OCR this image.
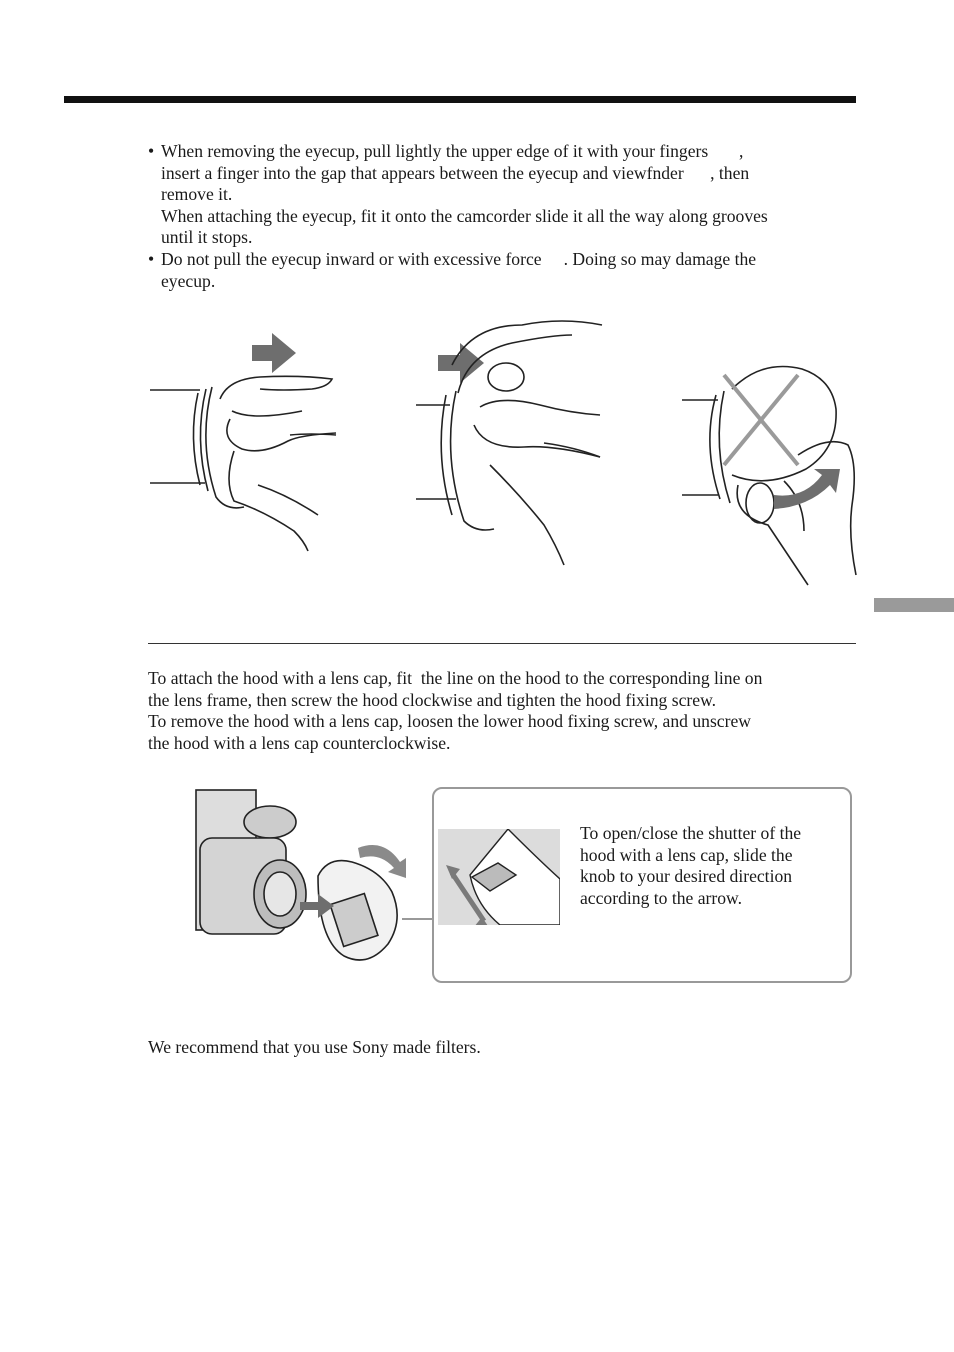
• When removing the eyecup, pull lightly the upper edge of it with your fingers       ,

insert a finger into the gap that appears between the eyecup and viewfnder      , then

remove it.

When attaching the eyecup, fit it onto the camcorder slide it all the way along grooves

until it stops.

• Do not pull the eyecup inward or with excessive force     . Doing so may damage the

eyecup.

To attach the hood with a lens cap, fit  the line on the hood to the corresponding line on

the lens frame, then screw the hood clockwise and tighten the hood fixing screw.

To remove the hood with a lens cap, loosen the lower hood fixing screw, and unscrew

the hood with a lens cap counterclockwise.

To open/close the shutter of the
hood with a lens cap, slide the
knob to your desired direction
according to the arrow.

We recommend that you use Sony made filters.
